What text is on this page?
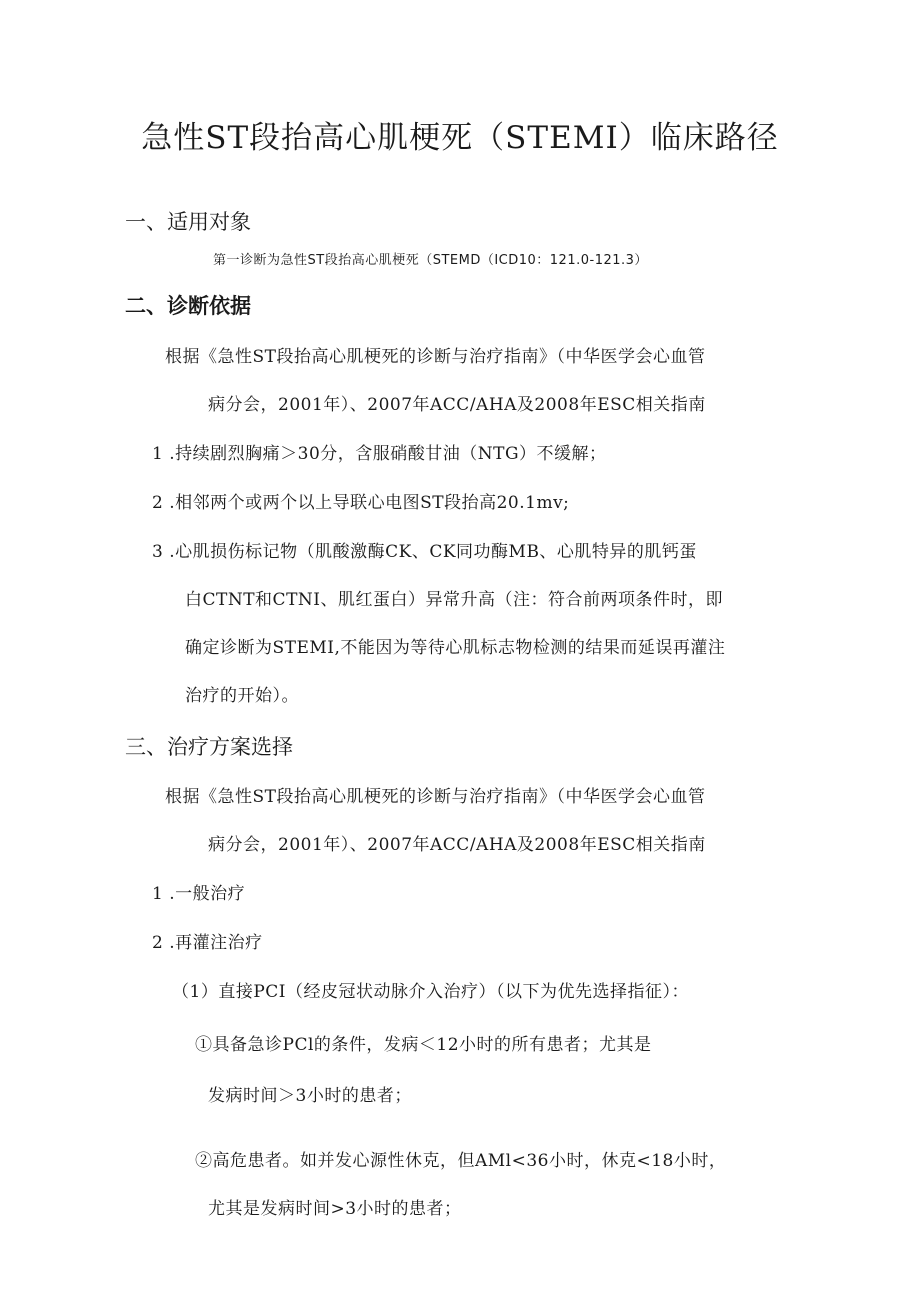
急性ST段抬高心肌梗死（STEMI）临床路径
一、适用对象
第一诊断为急性ST段抬高心肌梗死（STEMD（ICD10：121.0-121.3）
二、诊断依据
根据《急性ST段抬高心肌梗死的诊断与治疗指南》（中华医学会心血管
病分会，2001年）、2007年ACC/AHA及2008年ESC相关指南
1 .持续剧烈胸痛＞30分，含服硝酸甘油（NTG）不缓解；
2 .相邻两个或两个以上导联心电图ST段抬高20.1mv;
3 .心肌损伤标记物（肌酸激酶CK、CK同功酶MB、心肌特异的肌钙蛋
白CTNT和CTNI、肌红蛋白）异常升高（注：符合前两项条件时，即
确定诊断为STEMI,不能因为等待心肌标志物检测的结果而延误再灌注
治疗的开始）。
三、治疗方案选择
根据《急性ST段抬高心肌梗死的诊断与治疗指南》（中华医学会心血管
病分会，2001年）、2007年ACC/AHA及2008年ESC相关指南
1 .一般治疗
2 .再灌注治疗
（1）直接PCI（经皮冠状动脉介入治疗）（以下为优先选择指征）：
①具备急诊PCl的条件，发病＜12小时的所有患者；尤其是
发病时间＞3小时的患者；
②高危患者。如并发心源性休克，但AMl<36小时，休克<18小时，
尤其是发病时间>3小时的患者；
